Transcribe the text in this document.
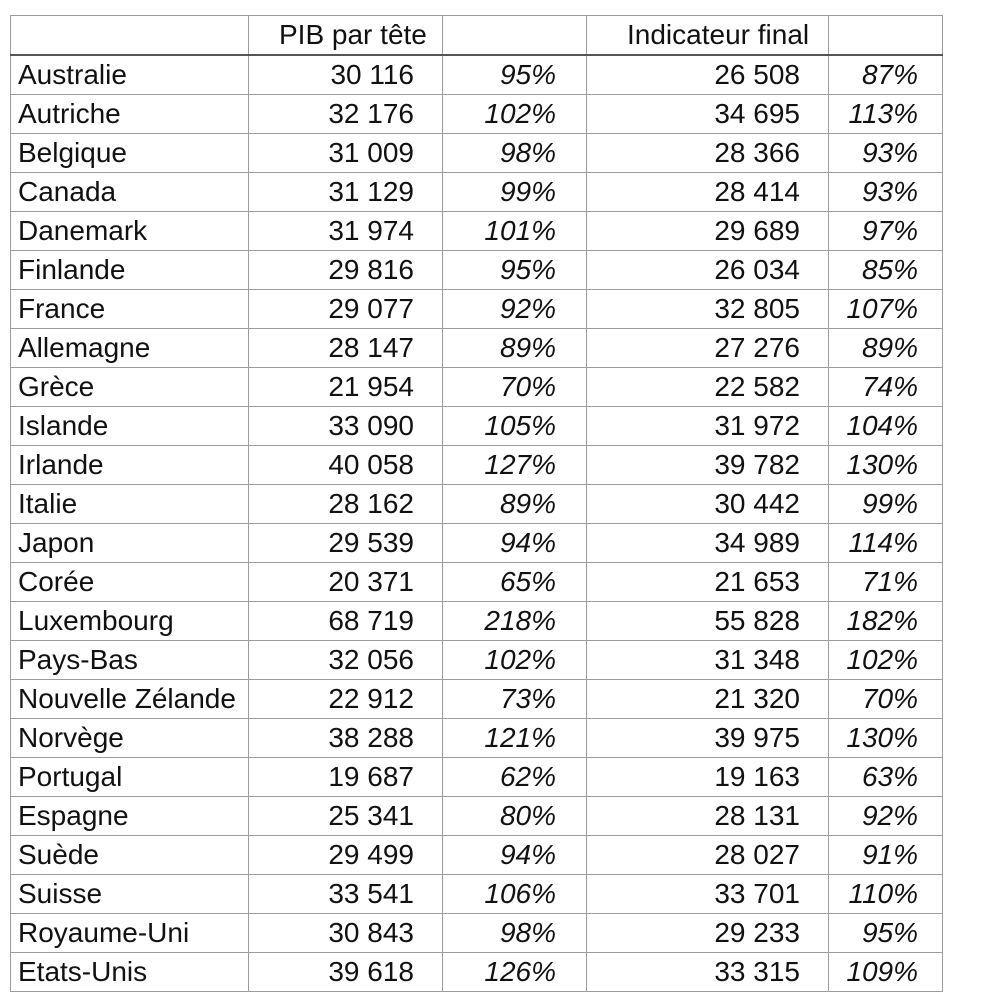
	PIB par tête		Indicateur final	
Australie	30 116	95%	26 508	87%
Autriche	32 176	102%	34 695	113%
Belgique	31 009	98%	28 366	93%
Canada	31 129	99%	28 414	93%
Danemark	31 974	101%	29 689	97%
Finlande	29 816	95%	26 034	85%
France	29 077	92%	32 805	107%
Allemagne	28 147	89%	27 276	89%
Grèce	21 954	70%	22 582	74%
Islande	33 090	105%	31 972	104%
Irlande	40 058	127%	39 782	130%
Italie	28 162	89%	30 442	99%
Japon	29 539	94%	34 989	114%
Corée	20 371	65%	21 653	71%
Luxembourg	68 719	218%	55 828	182%
Pays-Bas	32 056	102%	31 348	102%
Nouvelle Zélande	22 912	73%	21 320	70%
Norvège	38 288	121%	39 975	130%
Portugal	19 687	62%	19 163	63%
Espagne	25 341	80%	28 131	92%
Suède	29 499	94%	28 027	91%
Suisse	33 541	106%	33 701	110%
Royaume-Uni	30 843	98%	29 233	95%
Etats-Unis	39 618	126%	33 315	109%
